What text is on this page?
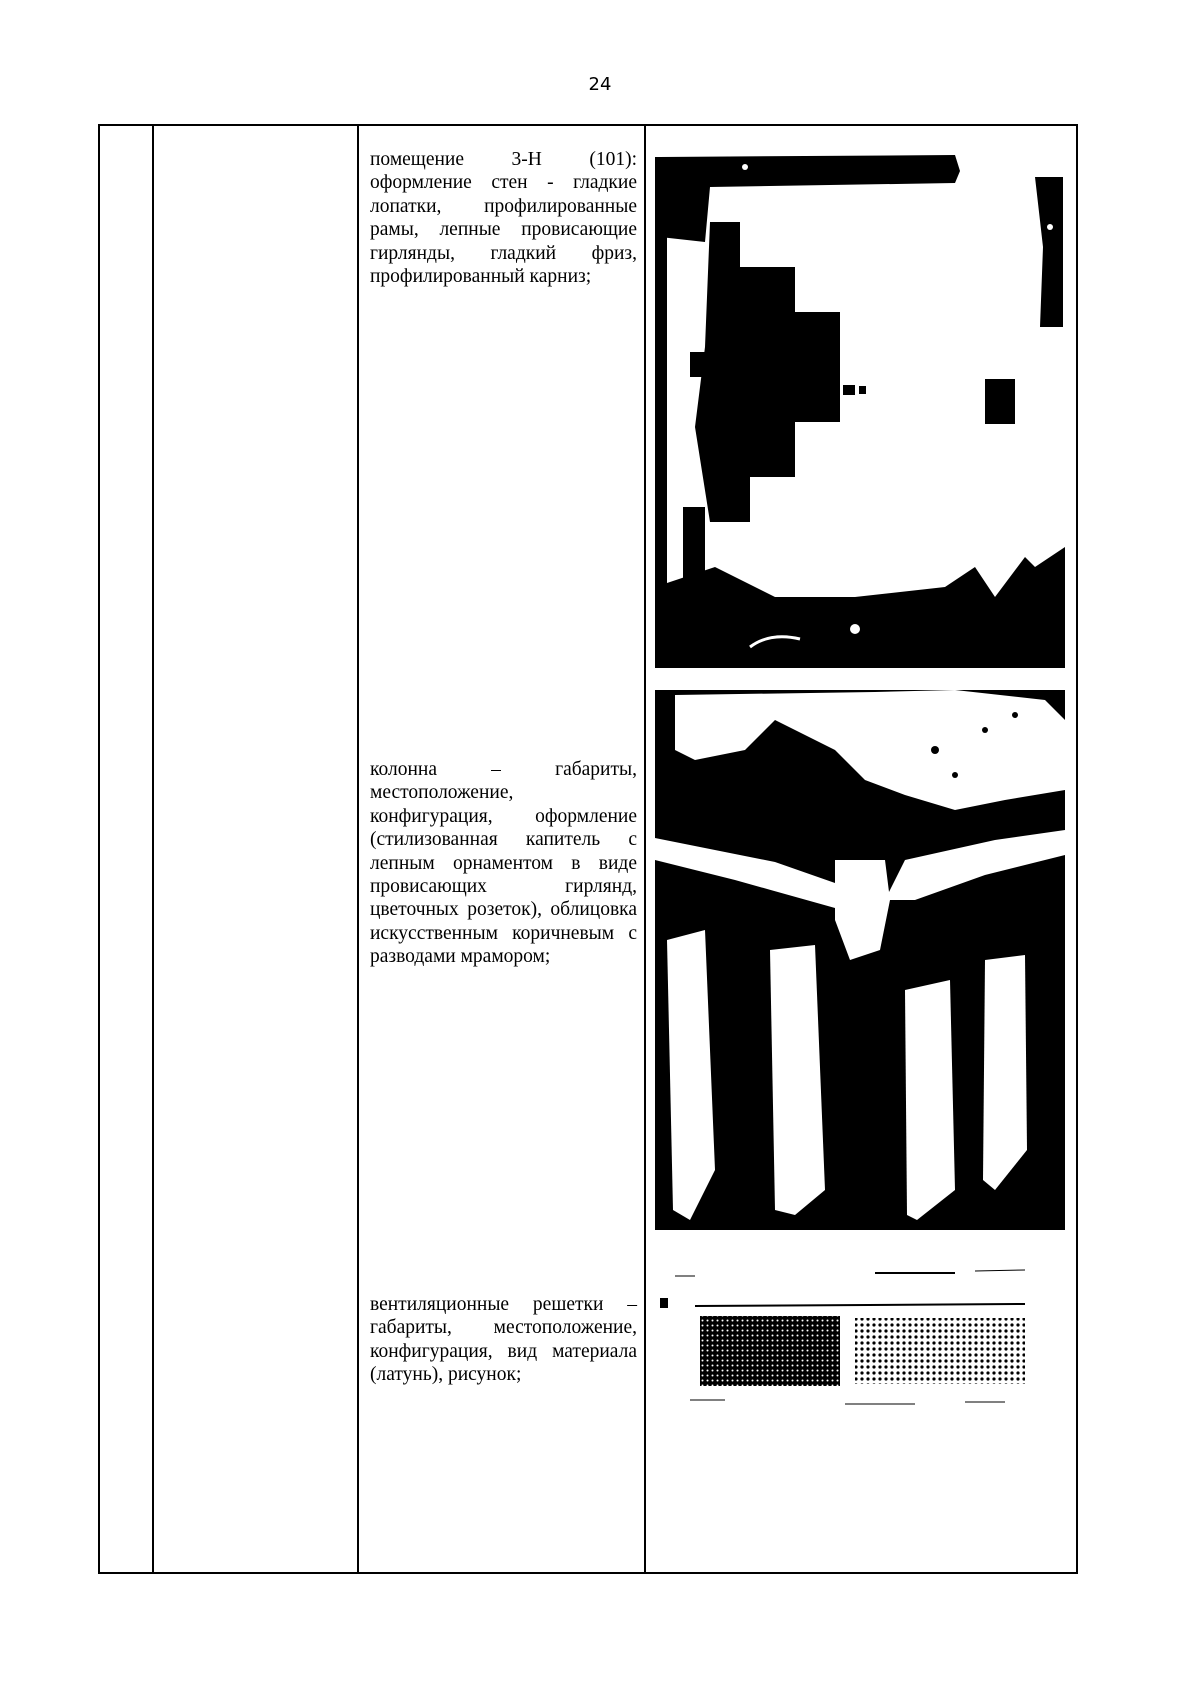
24
помещение 3-Н (101): оформление стен - гладкие лопатки, профилированные рамы, лепные провисающие гирлянды, гладкий фриз, профилированный карниз;
колонна – габариты, местоположение, конфигурация, оформление (стилизованная капитель с лепным орнаментом в виде провисающих гирлянд, цветочных розеток), облицовка искусственным коричневым с разводами мрамором;
вентиляционные решетки – габариты, местоположение, конфигурация, вид материала (латунь), рисунок;
